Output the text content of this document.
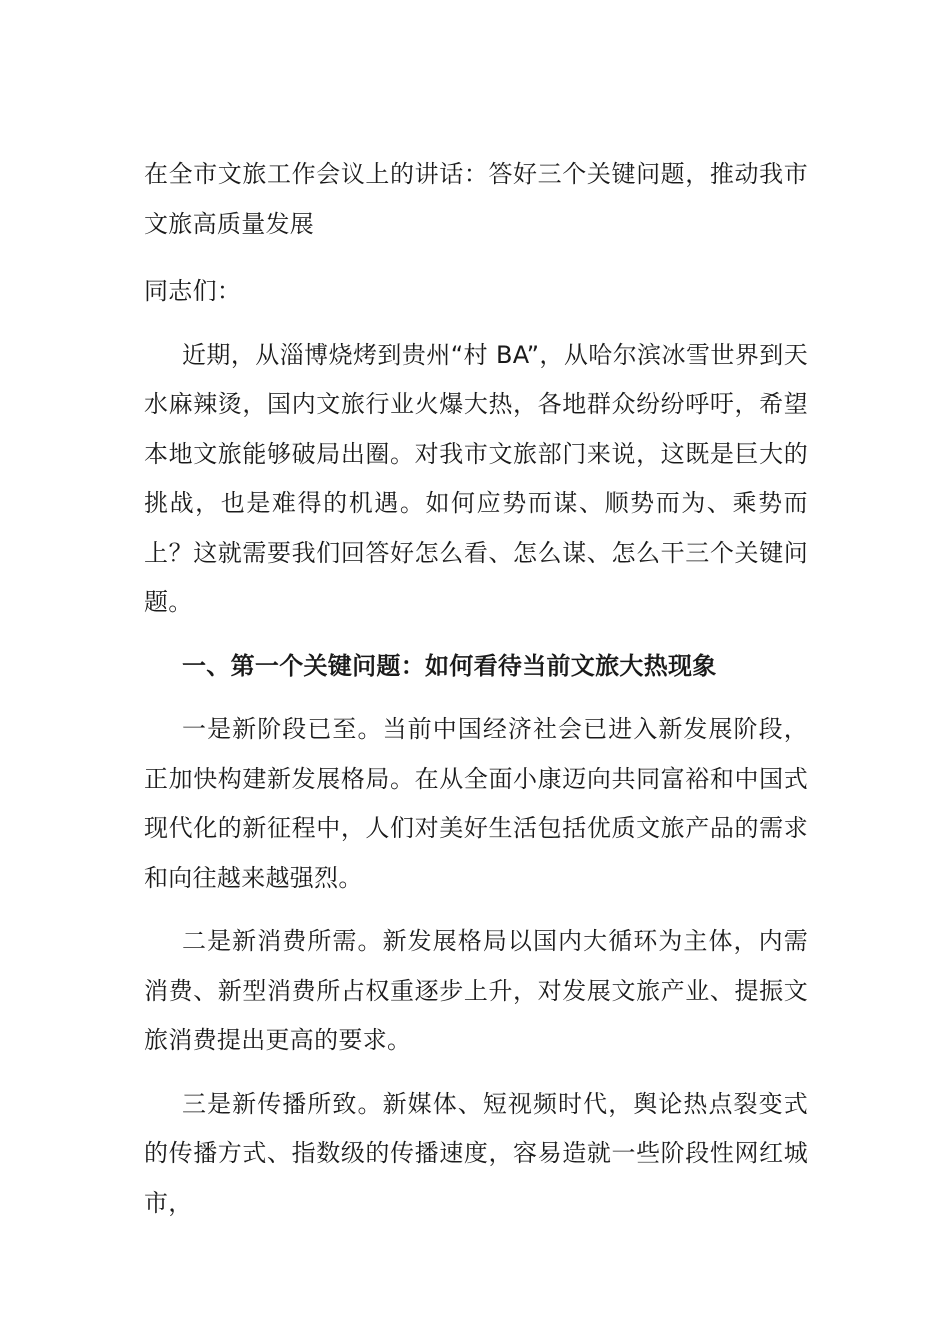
在全市文旅工作会议上的讲话：答好三个关键问题，推动我市文旅高质量发展

同志们：

近期，从淄博烧烤到贵州“村 BA”，从哈尔滨冰雪世界到天水麻辣烫，国内文旅行业火爆大热，各地群众纷纷呼吁，希望本地文旅能够破局出圈。对我市文旅部门来说，这既是巨大的挑战，也是难得的机遇。如何应势而谋、顺势而为、乘势而上？这就需要我们回答好怎么看、怎么谋、怎么干三个关键问题。

一、第一个关键问题：如何看待当前文旅大热现象

一是新阶段已至。当前中国经济社会已进入新发展阶段，正加快构建新发展格局。在从全面小康迈向共同富裕和中国式现代化的新征程中，人们对美好生活包括优质文旅产品的需求和向往越来越强烈。

二是新消费所需。新发展格局以国内大循环为主体，内需消费、新型消费所占权重逐步上升，对发展文旅产业、提振文旅消费提出更高的要求。

三是新传播所致。新媒体、短视频时代，舆论热点裂变式的传播方式、指数级的传播速度，容易造就一些阶段性网红城市，
